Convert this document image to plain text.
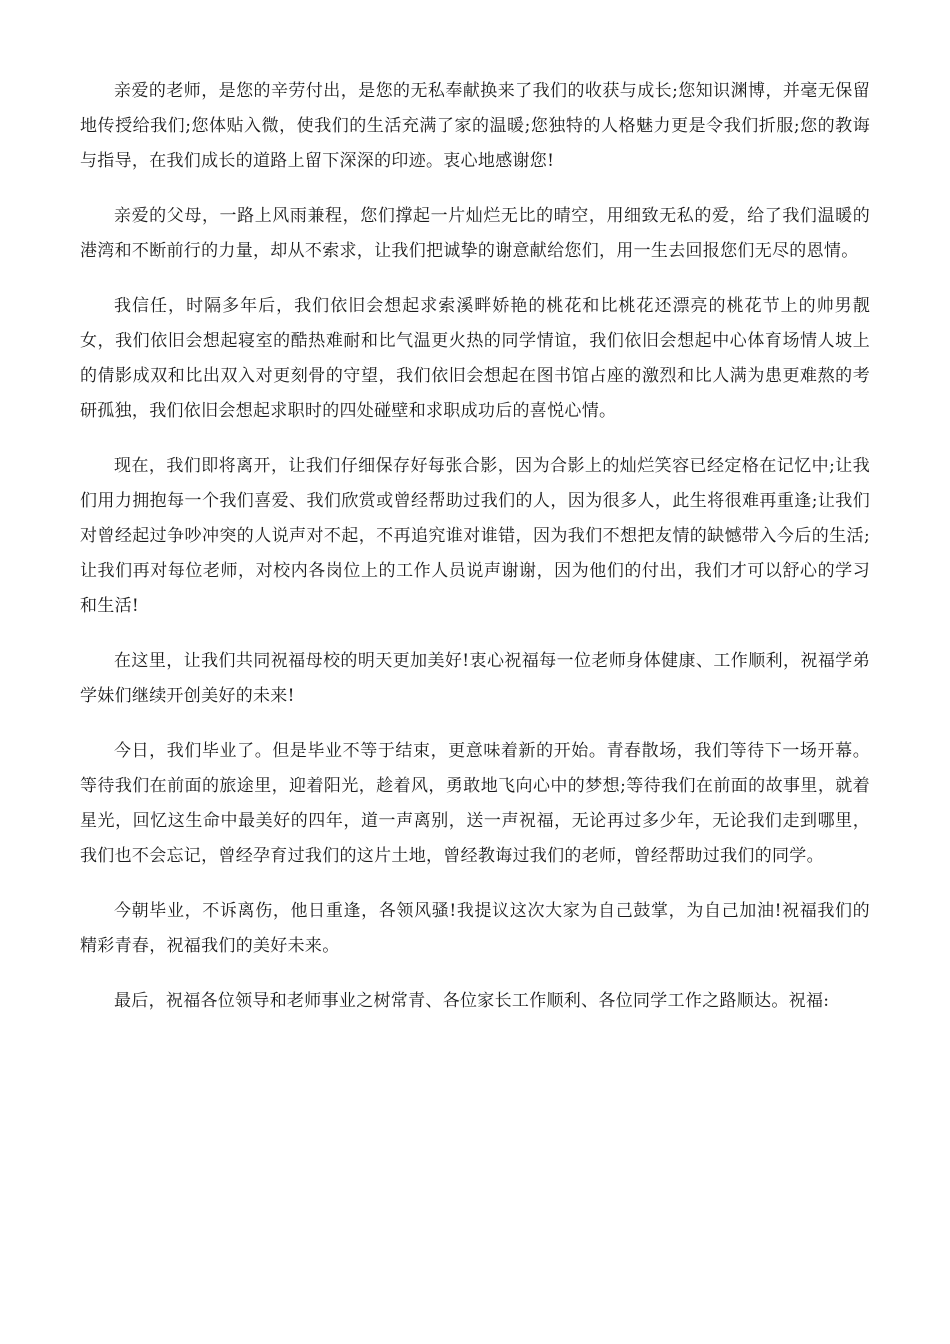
亲爱的老师，是您的辛劳付出，是您的无私奉献换来了我们的收获与成长;您知识渊博，并毫无保留地传授给我们;您体贴入微，使我们的生活充满了家的温暖;您独特的人格魅力更是令我们折服;您的教诲与指导，在我们成长的道路上留下深深的印迹。衷心地感谢您!

亲爱的父母，一路上风雨兼程，您们撑起一片灿烂无比的晴空，用细致无私的爱，给了我们温暖的港湾和不断前行的力量，却从不索求，让我们把诚挚的谢意献给您们，用一生去回报您们无尽的恩情。

我信任，时隔多年后，我们依旧会想起求索溪畔娇艳的桃花和比桃花还漂亮的桃花节上的帅男靓女，我们依旧会想起寝室的酷热难耐和比气温更火热的同学情谊，我们依旧会想起中心体育场情人坡上的倩影成双和比出双入对更刻骨的守望，我们依旧会想起在图书馆占座的激烈和比人满为患更难熬的考研孤独，我们依旧会想起求职时的四处碰壁和求职成功后的喜悦心情。

现在，我们即将离开，让我们仔细保存好每张合影，因为合影上的灿烂笑容已经定格在记忆中;让我们用力拥抱每一个我们喜爱、我们欣赏或曾经帮助过我们的人，因为很多人，此生将很难再重逢;让我们对曾经起过争吵冲突的人说声对不起，不再追究谁对谁错，因为我们不想把友情的缺憾带入今后的生活;让我们再对每位老师，对校内各岗位上的工作人员说声谢谢，因为他们的付出，我们才可以舒心的学习和生活!

在这里，让我们共同祝福母校的明天更加美好!衷心祝福每一位老师身体健康、工作顺利，祝福学弟学妹们继续开创美好的未来!

今日，我们毕业了。但是毕业不等于结束，更意味着新的开始。青春散场，我们等待下一场开幕。等待我们在前面的旅途里，迎着阳光，趁着风，勇敢地飞向心中的梦想;等待我们在前面的故事里，就着星光，回忆这生命中最美好的四年，道一声离别，送一声祝福，无论再过多少年，无论我们走到哪里，我们也不会忘记，曾经孕育过我们的这片土地，曾经教诲过我们的老师，曾经帮助过我们的同学。

今朝毕业，不诉离伤，他日重逢，各领风骚!我提议这次大家为自己鼓掌，为自己加油!祝福我们的精彩青春，祝福我们的美好未来。

最后，祝福各位领导和老师事业之树常青、各位家长工作顺利、各位同学工作之路顺达。祝福:
